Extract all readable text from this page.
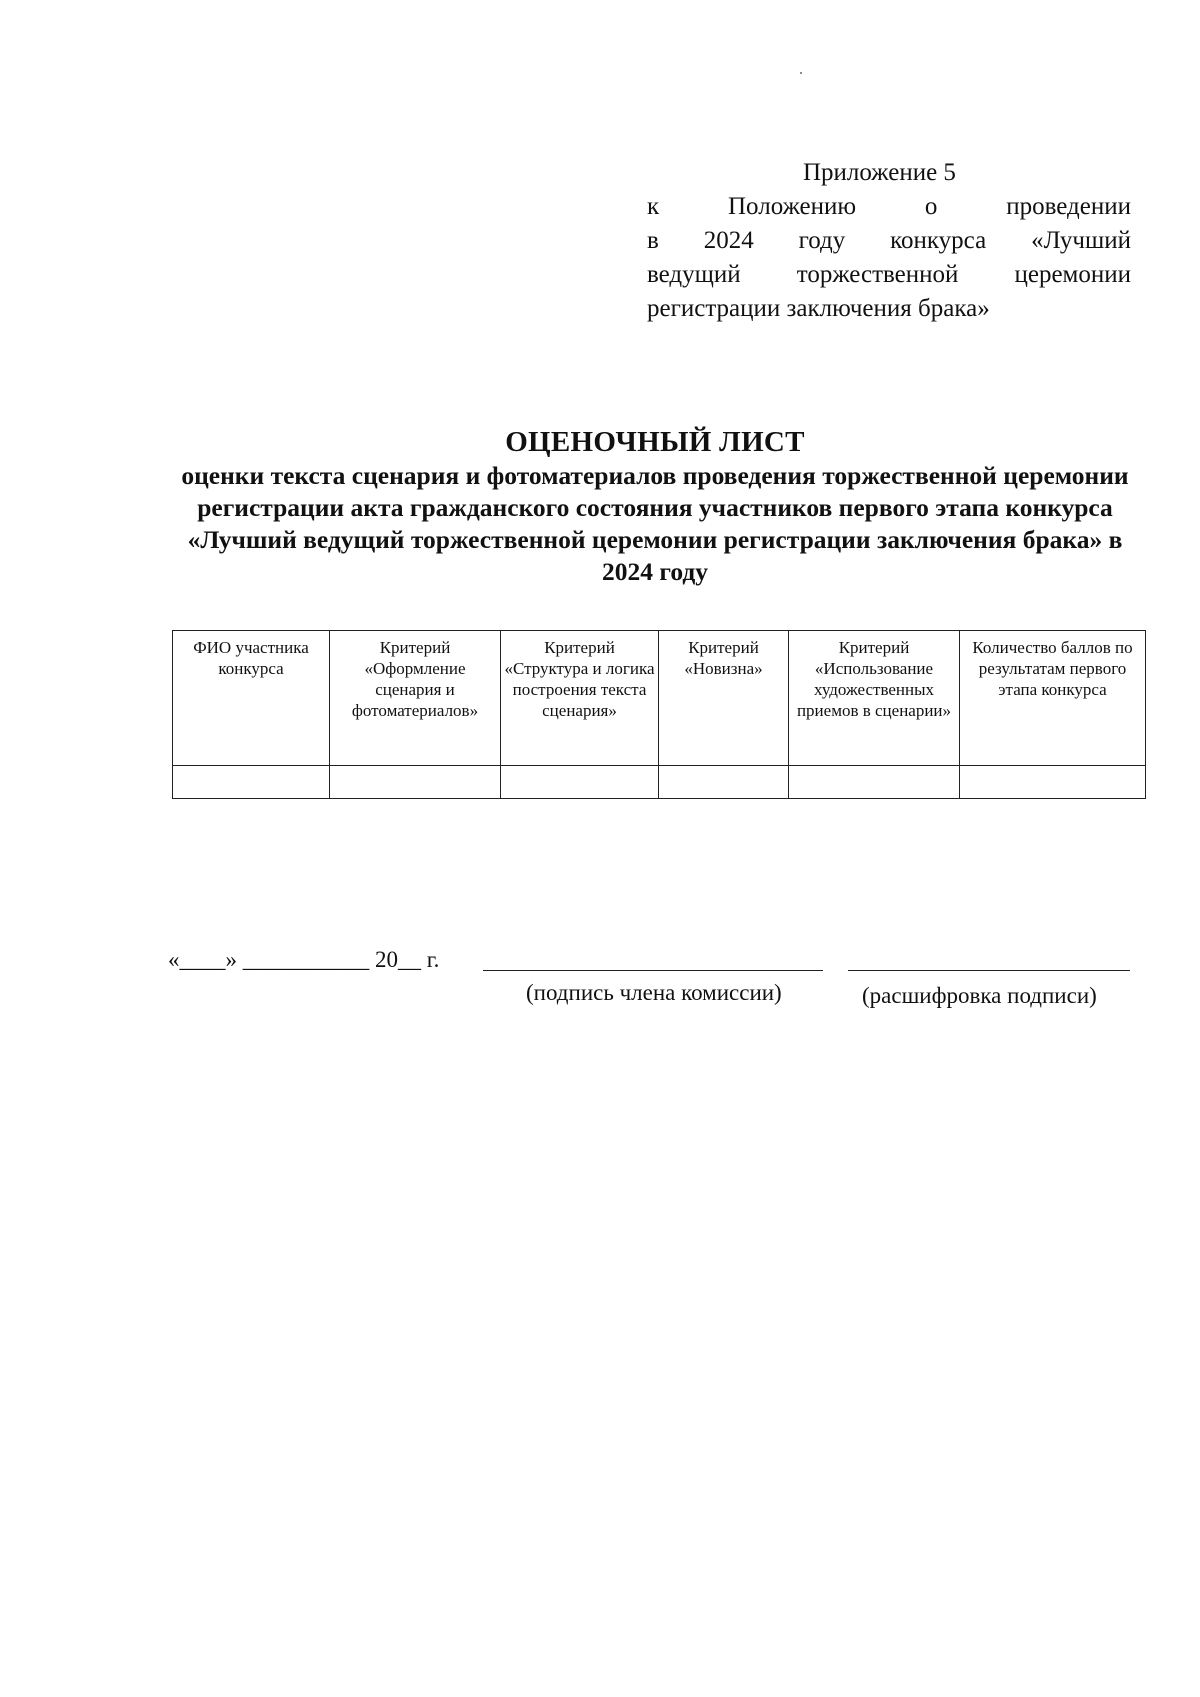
Приложение 5
к Положению о проведении
в 2024 году конкурса «Лучший
ведущий торжественной церемонии
регистрации заключения брака»
ОЦЕНОЧНЫЙ ЛИСТ
оценки текста сценария и фотоматериалов проведения торжественной церемонии регистрации акта гражданского состояния участников первого этапа конкурса «Лучший ведущий торжественной церемонии регистрации заключения брака» в 2024 году
ФИО участника конкурса	Критерий «Оформление сценария и фотоматериалов»	Критерий «Структура и логика построения текста сценария»	Критерий «Новизна»	Критерий «Использование художественных приемов в сценарии»	Количество баллов по результатам первого этапа конкурса

«____» ___________ 20__ г.
(подпись члена комиссии)	(расшифровка подписи)
